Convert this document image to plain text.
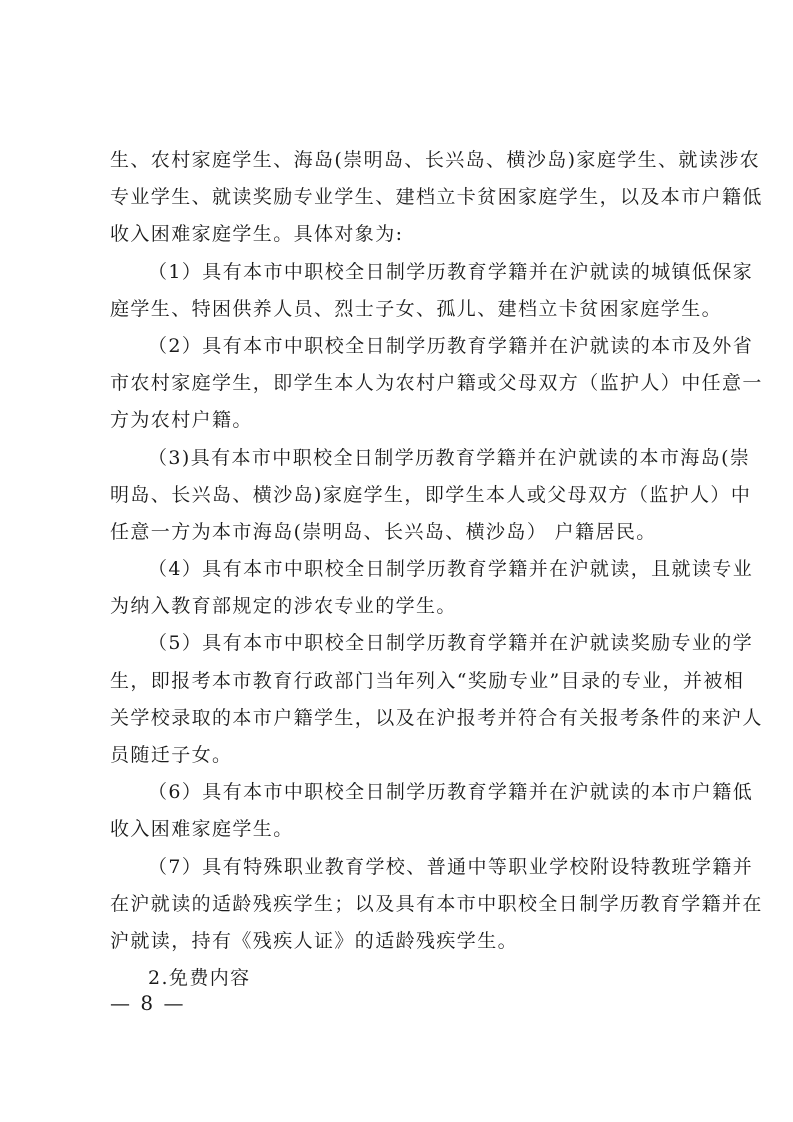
生、农村家庭学生、海岛(崇明岛、长兴岛、横沙岛)家庭学生、就读涉农
专业学生、就读奖励专业学生、建档立卡贫困家庭学生，以及本市户籍低
收入困难家庭学生。具体对象为:
（1）具有本市中职校全日制学历教育学籍并在沪就读的城镇低保家
庭学生、特困供养人员、烈士子女、孤儿、建档立卡贫困家庭学生。
（2）具有本市中职校全日制学历教育学籍并在沪就读的本市及外省
市农村家庭学生，即学生本人为农村户籍或父母双方（监护人）中任意一
方为农村户籍。
（3)具有本市中职校全日制学历教育学籍并在沪就读的本市海岛(崇
明岛、长兴岛、横沙岛)家庭学生，即学生本人或父母双方（监护人）中
任意一方为本市海岛(崇明岛、长兴岛、横沙岛） 户籍居民。
（4）具有本市中职校全日制学历教育学籍并在沪就读，且就读专业
为纳入教育部规定的涉农专业的学生。
（5）具有本市中职校全日制学历教育学籍并在沪就读奖励专业的学
生，即报考本市教育行政部门当年列入“奖励专业”目录的专业，并被相
关学校录取的本市户籍学生，以及在沪报考并符合有关报考条件的来沪人
员随迁子女。
（6）具有本市中职校全日制学历教育学籍并在沪就读的本市户籍低
收入困难家庭学生。
（7）具有特殊职业教育学校、普通中等职业学校附设特教班学籍并
在沪就读的适龄残疾学生；以及具有本市中职校全日制学历教育学籍并在
沪就读，持有《残疾人证》的适龄残疾学生。
2.免费内容
— 8 —
